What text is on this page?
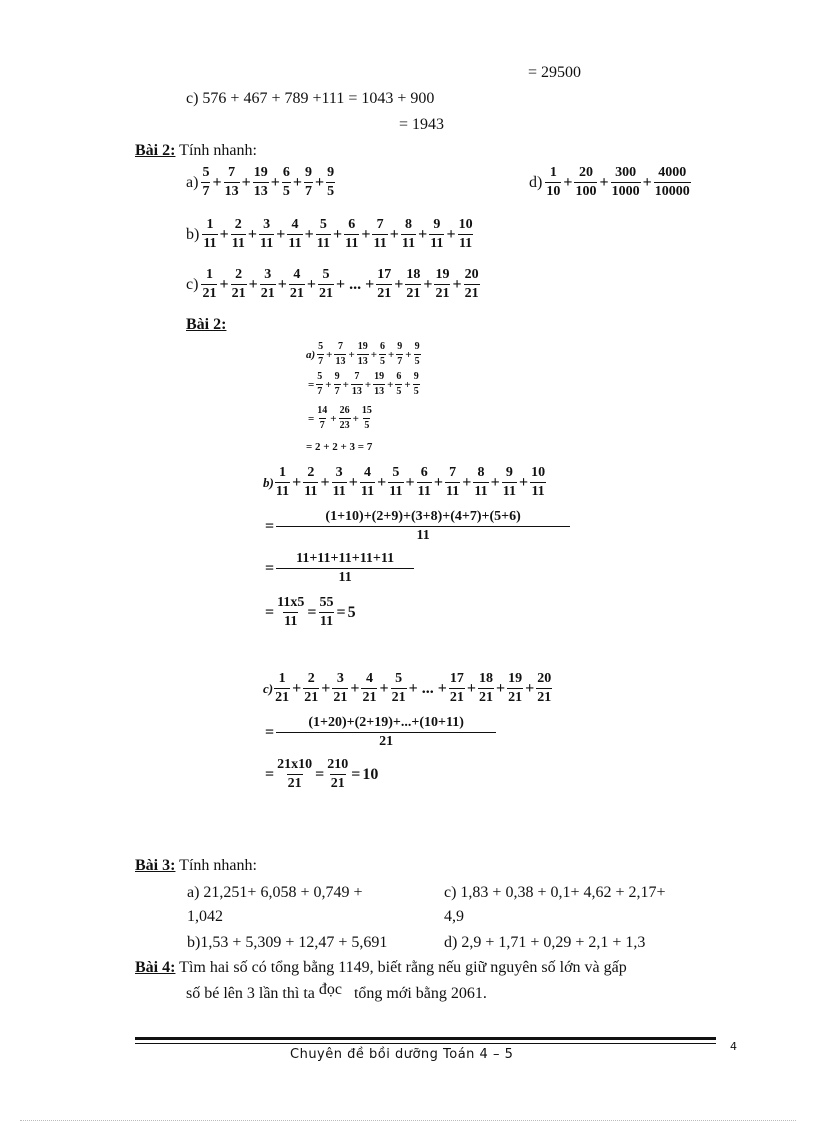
= 29500
c) 576 + 467 + 789 +111 = 1043 + 900
= 1943
Bài 2: Tính nhanh:
$a) \frac{5}{7} + \frac{7}{13} + \frac{19}{13} + \frac{6}{5} + \frac{9}{7} + \frac{9}{5}$	$d) \frac{1}{10} + \frac{20}{100} + \frac{300}{1000} + \frac{4000}{10000}$
$b) \frac{1}{11} + \frac{2}{11} + \frac{3}{11} + \frac{4}{11} + \frac{5}{11} + \frac{6}{11} + \frac{7}{11} + \frac{8}{11} + \frac{9}{11} + \frac{10}{11}$
$c) \frac{1}{21} + \frac{2}{21} + \frac{3}{21} + \frac{4}{21} + \frac{5}{21}$ + ... + $\frac{17}{21} + \frac{18}{21} + \frac{19}{21} + \frac{20}{21}$
Bài 2:
$a) \frac{5}{7} + \frac{7}{13} + \frac{19}{13} + \frac{6}{5} + \frac{9}{7} + \frac{9}{5}$
= $\frac{5}{7} + \frac{9}{7} + \frac{7}{13} + \frac{19}{13} + \frac{6}{5} + \frac{9}{5}$
= $\frac{14}{7} + \frac{26}{23} + \frac{15}{5}$
= 2 + 2 + 3 = 7
$b) \frac{1}{11} + \frac{2}{11} + \frac{3}{11} + \frac{4}{11} + \frac{5}{11} + \frac{6}{11} + \frac{7}{11} + \frac{8}{11} + \frac{9}{11} + \frac{10}{11}$
= $\frac{(1+10)+(2+9)+(3+8)+(4+7)+(5+6)}{11}$
= $\frac{11+11+11+11+11}{11}$
= $\frac{11x5}{11} = \frac{55}{11} = 5$
$c) \frac{1}{21} + \frac{2}{21} + \frac{3}{21} + \frac{4}{21} + \frac{5}{21}$ + ... + $\frac{17}{21} + \frac{18}{21} + \frac{19}{21} + \frac{20}{21}$
= $\frac{(1+20)+(2+19)+...+(10+11)}{21}$
= $\frac{21x10}{21} = \frac{210}{21} = 10$
Bài 3: Tính nhanh:
a) 21,251+ 6,058 + 0,749 +
1,042
c) 1,83 + 0,38 + 0,1+ 4,62 + 2,17+
4,9
b)1,53 + 5,309 + 12,47 + 5,691	d) 2,9 + 1,71 + 0,29 + 2,1 + 1,3
Bài 4: Tìm hai số có tổng bằng 1149, biết rằng nếu giữ nguyên số lớn và gấp
số bé lên 3 lần thì ta đọc   tổng mới bằng 2061.
Chuyên đề bồi dưỡng Toán 4 – 5
4
